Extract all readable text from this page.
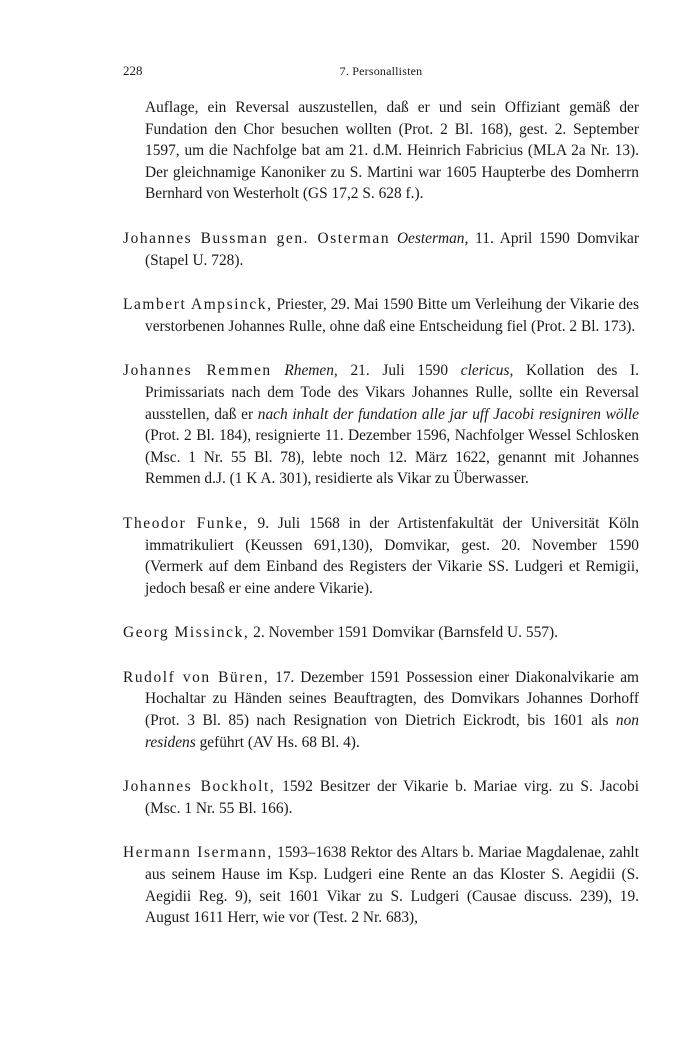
228	7. Personallisten

Auflage, ein Reversal auszustellen, daß er und sein Offiziant gemäß der Fundation den Chor besuchen wollten (Prot. 2 Bl. 168), gest. 2. September 1597, um die Nachfolge bat am 21. d.M. Heinrich Fabricius (MLA 2a Nr. 13). Der gleichnamige Kanoniker zu S. Martini war 1605 Haupterbe des Domherrn Bernhard von Westerholt (GS 17,2 S. 628 f.).

Johannes Bussman gen. Osterman Oesterman, 11. April 1590 Domvikar (Stapel U. 728).

Lambert Ampsinck, Priester, 29. Mai 1590 Bitte um Verleihung der Vikarie des verstorbenen Johannes Rulle, ohne daß eine Entscheidung fiel (Prot. 2 Bl. 173).

Johannes Remmen Rhemen, 21. Juli 1590 clericus, Kollation des I. Primissariats nach dem Tode des Vikars Johannes Rulle, sollte ein Reversal ausstellen, daß er nach inhalt der fundation alle jar uff Jacobi resigniren wölle (Prot. 2 Bl. 184), resignierte 11. Dezember 1596, Nachfolger Wessel Schlosken (Msc. 1 Nr. 55 Bl. 78), lebte noch 12. März 1622, genannt mit Johannes Remmen d.J. (1 K A. 301), residierte als Vikar zu Überwasser.

Theodor Funke, 9. Juli 1568 in der Artistenfakultät der Universität Köln immatrikuliert (Keussen 691,130), Domvikar, gest. 20. November 1590 (Vermerk auf dem Einband des Registers der Vikarie SS. Ludgeri et Remigii, jedoch besaß er eine andere Vikarie).

Georg Missinck, 2. November 1591 Domvikar (Barnsfeld U. 557).

Rudolf von Büren, 17. Dezember 1591 Possession einer Diakonalvikarie am Hochaltar zu Händen seines Beauftragten, des Domvikars Johannes Dorhoff (Prot. 3 Bl. 85) nach Resignation von Dietrich Eickrodt, bis 1601 als non residens geführt (AV Hs. 68 Bl. 4).

Johannes Bockholt, 1592 Besitzer der Vikarie b. Mariae virg. zu S. Jacobi (Msc. 1 Nr. 55 Bl. 166).

Hermann Isermann, 1593–1638 Rektor des Altars b. Mariae Magdalenae, zahlt aus seinem Hause im Ksp. Ludgeri eine Rente an das Kloster S. Aegidii (S. Aegidii Reg. 9), seit 1601 Vikar zu S. Ludgeri (Causae discuss. 239), 19. August 1611 Herr, wie vor (Test. 2 Nr. 683),
